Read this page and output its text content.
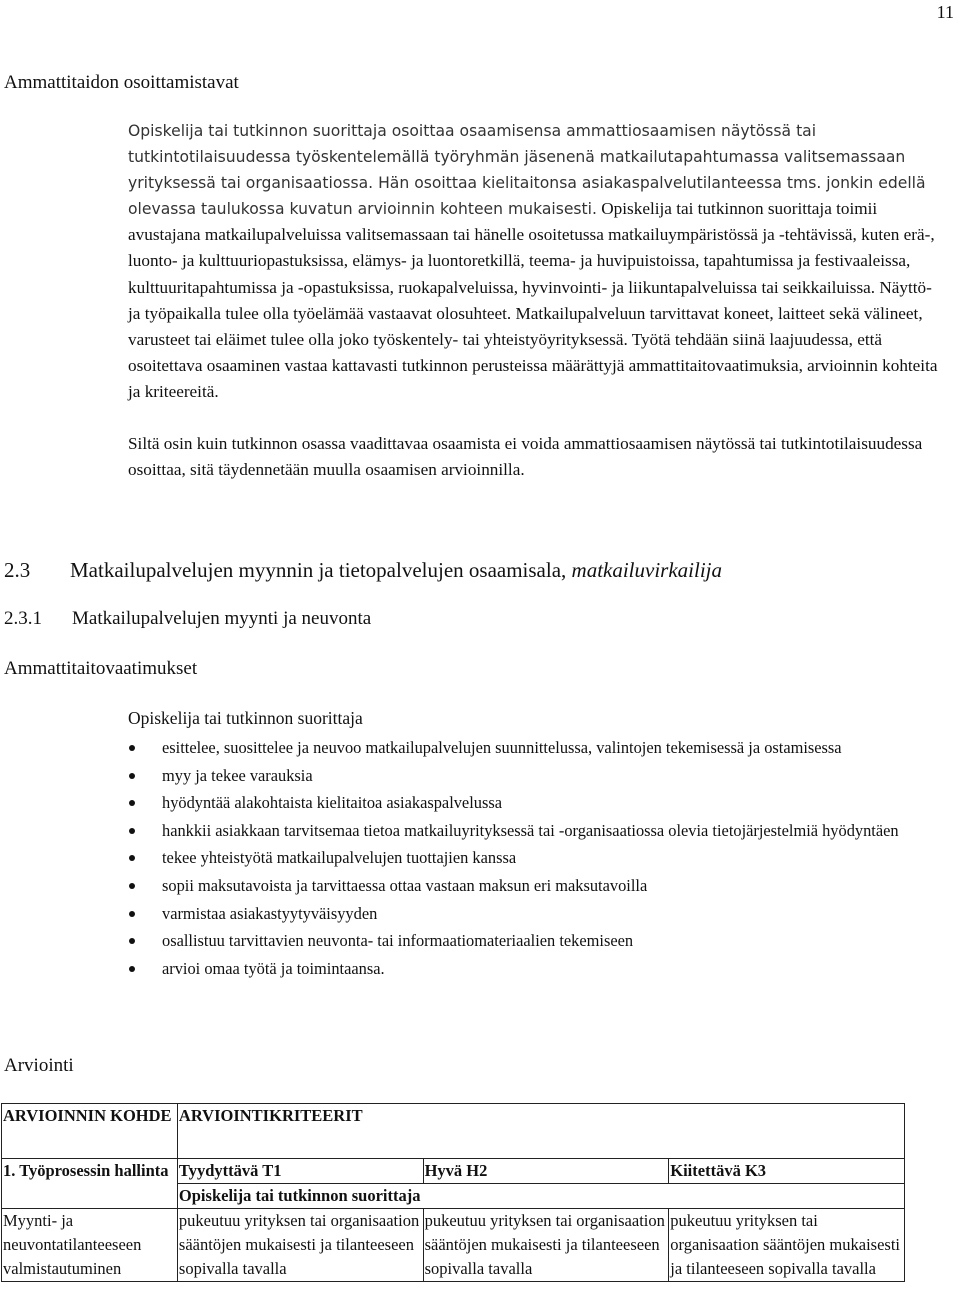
11
Ammattitaidon osoittamistavat

Opiskelija tai tutkinnon suorittaja osoittaa osaamisensa ammattiosaamisen näytössä tai tutkintotilaisuudessa työskentelemällä työryhmän jäsenenä matkailutapahtumassa valitsemassaan yrityksessä tai organisaatiossa. Hän osoittaa kielitaitonsa asiakaspalvelutilanteessa tms. jonkin edellä olevassa taulukossa kuvatun arvioinnin kohteen mukaisesti. Opiskelija tai tutkinnon suorittaja toimii avustajana matkailupalveluissa valitsemassaan tai hänelle osoitetussa matkailuympäristössä ja -tehtävissä, kuten erä-, luonto- ja kulttuuriopastuksissa, elämys- ja luontoretkillä, teema- ja huvipuistoissa, tapahtumissa ja festivaaleissa, kulttuuritapahtumissa ja -opastuksissa, ruokapalveluissa, hyvinvointi- ja liikuntapalveluissa tai seikkailuissa. Näyttö- ja työpaikalla tulee olla työelämää vastaavat olosuhteet. Matkailupalveluun tarvittavat koneet, laitteet sekä välineet, varusteet tai eläimet tulee olla joko työskentely- tai yhteistyöyrityksessä. Työtä tehdään siinä laajuudessa, että osoitettava osaaminen vastaa kattavasti tutkinnon perusteissa määrättyjä ammattitaitovaatimuksia, arvioinnin kohteita ja kriteereitä.

Siltä osin kuin tutkinnon osassa vaadittavaa osaamista ei voida ammattiosaamisen näytössä tai tutkintotilaisuudessa osoittaa, sitä täydennetään muulla osaamisen arvioinnilla.

2.3 Matkailupalvelujen myynnin ja tietopalvelujen osaamisala, matkailuvirkailija
2.3.1 Matkailupalvelujen myynti ja neuvonta
Ammattitaitovaatimukset
Opiskelija tai tutkinnon suorittaja
esittelee, suosittelee ja neuvoo matkailupalvelujen suunnittelussa, valintojen tekemisessä ja ostamisessa
myy ja tekee varauksia
hyödyntää alakohtaista kielitaitoa asiakaspalvelussa
hankkii asiakkaan tarvitsemaa tietoa matkailuyrityksessä tai -organisaatiossa olevia tietojärjestelmiä hyödyntäen
tekee yhteistyötä matkailupalvelujen tuottajien kanssa
sopii maksutavoista ja tarvittaessa ottaa vastaan maksun eri maksutavoilla
varmistaa asiakastyytyväisyyden
osallistuu tarvittavien neuvonta- tai informaatiomateriaalien tekemiseen
arvioi omaa työtä ja toimintaansa.
Arviointi
ARVIOINNIN KOHDE	ARVIOINTIKRITEERIT		
1. Työprosessin hallinta	Tyydyttävä T1	Hyvä H2	Kiitettävä K3
	Opiskelija tai tutkinnon suorittaja		
Myynti- ja neuvontatilanteeseen valmistautuminen	pukeutuu yrityksen tai organisaation sääntöjen mukaisesti ja tilanteeseen sopivalla tavalla	pukeutuu yrityksen tai organisaation sääntöjen mukaisesti ja tilanteeseen sopivalla tavalla	pukeutuu yrityksen tai organisaation sääntöjen mukaisesti ja tilanteeseen sopivalla tavalla
